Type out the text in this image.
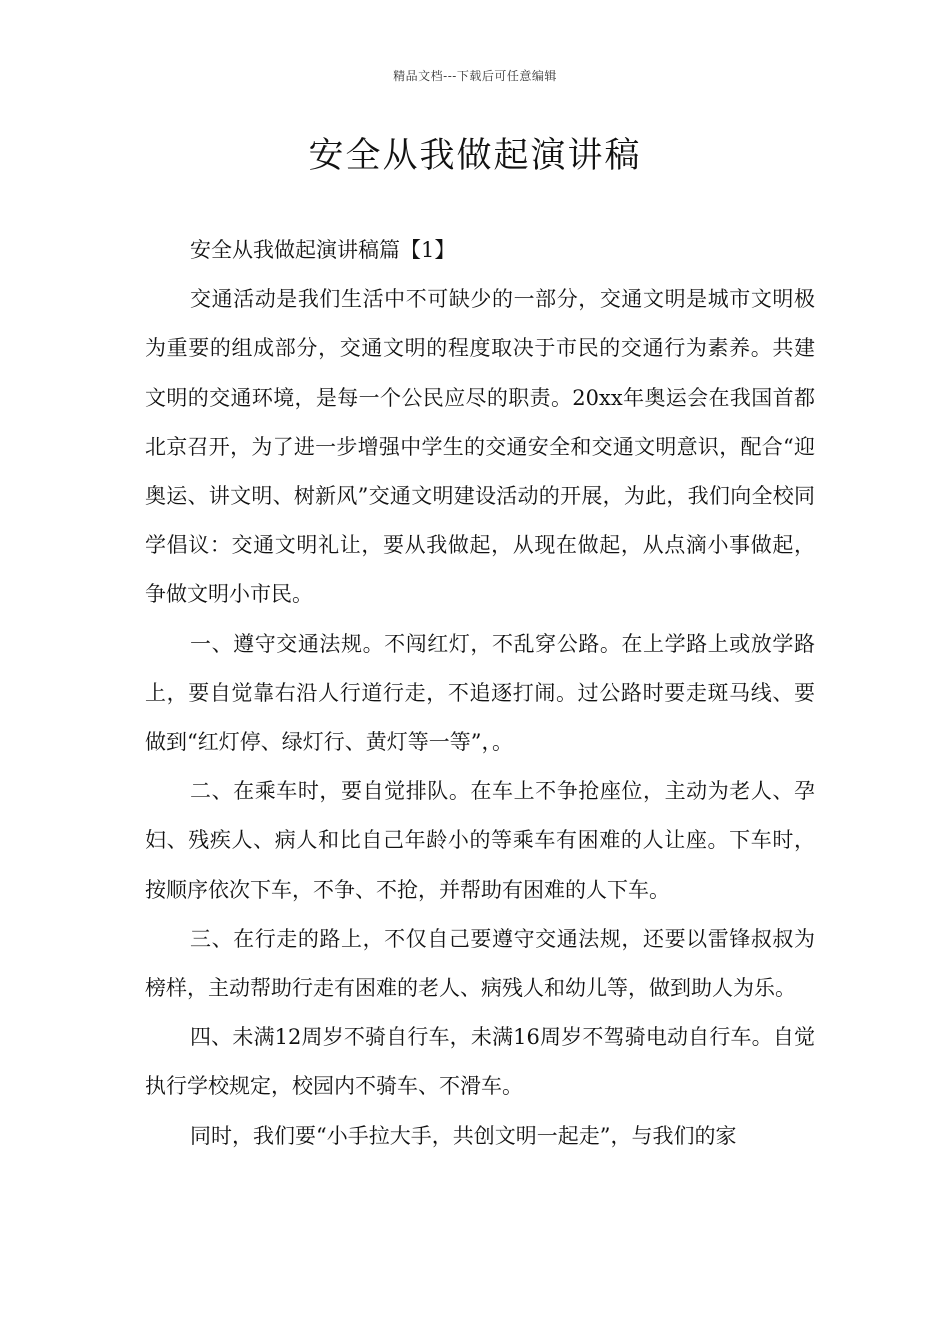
精品文档---下载后可任意编辑
安全从我做起演讲稿

安全从我做起演讲稿篇【1】

交通活动是我们生活中不可缺少的一部分，交通文明是城市文明极为重要的组成部分，交通文明的程度取决于市民的交通行为素养。共建文明的交通环境，是每一个公民应尽的职责。20xx年奥运会在我国首都北京召开，为了进一步增强中学生的交通安全和交通文明意识，配合“迎奥运、讲文明、树新风”交通文明建设活动的开展，为此，我们向全校同学倡议：交通文明礼让，要从我做起，从现在做起，从点滴小事做起，争做文明小市民。

一、遵守交通法规。不闯红灯，不乱穿公路。在上学路上或放学路上，要自觉靠右沿人行道行走，不追逐打闹。过公路时要走斑马线、要做到“红灯停、绿灯行、黄灯等一等”，。

二、在乘车时，要自觉排队。在车上不争抢座位，主动为老人、孕妇、残疾人、病人和比自己年龄小的等乘车有困难的人让座。下车时，按顺序依次下车，不争、不抢，并帮助有困难的人下车。

三、在行走的路上，不仅自己要遵守交通法规，还要以雷锋叔叔为榜样，主动帮助行走有困难的老人、病残人和幼儿等，做到助人为乐。

四、未满12周岁不骑自行车，未满16周岁不驾骑电动自行车。自觉执行学校规定，校园内不骑车、不滑车。

同时，我们要“小手拉大手，共创文明一起走”，与我们的家
